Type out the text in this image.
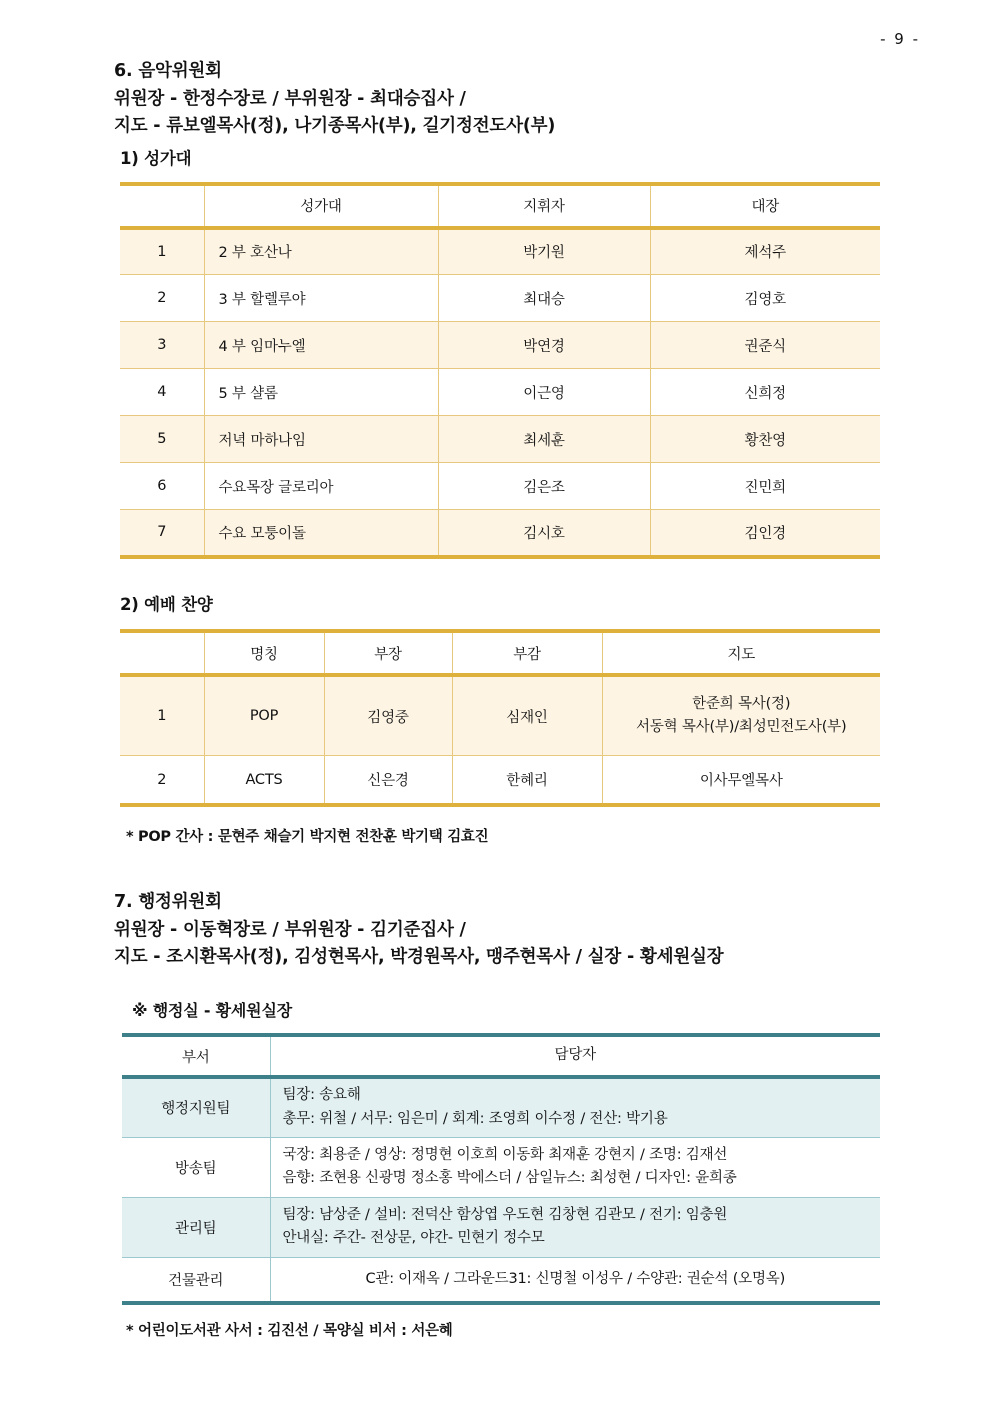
- 9 -

6. 음악위원회

위원장 - 한정수장로 / 부위원장 - 최대승집사 /

지도 - 류보엘목사(정), 나기종목사(부), 길기정전도사(부)

1) 성가대

	성가대	지휘자	대장
1	2 부 호산나	박기원	제석주
2	3 부 할렐루야	최대승	김영호
3	4 부 임마누엘	박연경	권준식
4	5 부 샬롬	이근영	신희정
5	저녁 마하나임	최세훈	황찬영
6	수요목장 글로리아	김은조	진민희
7	수요 모퉁이돌	김시호	김인경

2) 예배 찬양

	명칭	부장	부감	지도
1	POP	김영중	심재인	한준희 목사(정)
서동혁 목사(부)/최성민전도사(부)

2	ACTS	신은경	한혜리	이사무엘목사

* POP 간사 : 문현주 채슬기 박지현 전찬훈 박기택 김효진

7. 행정위원회

위원장 - 이동혁장로 / 부위원장 - 김기준집사 /

지도 - 조시환목사(정), 김성현목사, 박경원목사, 맹주현목사 / 실장 - 황세원실장

※ 행정실 - 황세원실장

부서	담당자
행정지원팀	팀장: 송요해
총무: 위철 / 서무: 임은미 / 회계: 조영희 이수정 / 전산: 박기용

방송팀	국장: 최용준 / 영상: 정명현 이호희 이동화 최재훈 강현지 / 조명: 김재선
음향: 조현용 신광명 정소홍 박에스더 / 삼일뉴스: 최성현 / 디자인: 윤희종

관리팀	팀장: 남상준 / 설비: 전덕산 함상엽 우도현 김창현 김관모 / 전기: 임충원
안내실: 주간- 전상문, 야간- 민현기 정수모

건물관리	C관: 이재옥 / 그라운드31: 신명철 이성우 / 수양관: 권순석 (오명옥)

* 어린이도서관 사서 : 김진선 / 목양실 비서 : 서은혜
